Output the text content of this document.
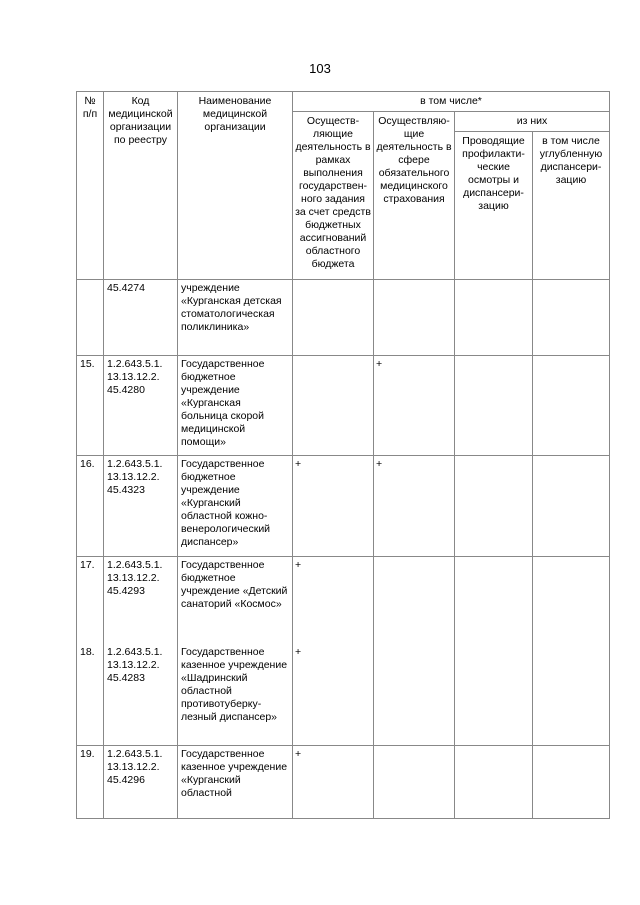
103
№ п/п	Код медицинской организации по реестру	Наименование медицинской организации	в том числе*			
			Осуществ-ляющие деятельность в рамках выполнения государствен-ного задания за счет средств бюджетных ассигнований областного бюджета	Осуществляю-щие деятельность в сфере обязательного медицинского страхования	из них	
					Проводящие профилакти-ческие осмотры и диспансери-зацию	в том числе углубленную диспансери-зацию
	45.4274	учреждение «Курганская детская стоматологическая поликлиника»				
15.	1.2.643.5.1. 13.13.12.2. 45.4280	Государственное бюджетное учреждение «Курганская больница скорой медицинской помощи»		+		
16.	1.2.643.5.1. 13.13.12.2. 45.4323	Государственное бюджетное учреждение «Курганский областной кожно-венерологический диспансер»	+	+		
17.	1.2.643.5.1. 13.13.12.2. 45.4293	Государственное бюджетное учреждение «Детский санаторий «Космос»	+			
18.	1.2.643.5.1. 13.13.12.2. 45.4283	Государственное казенное учреждение «Шадринский областной противотуберку-лезный диспансер»	+			
19.	1.2.643.5.1. 13.13.12.2. 45.4296	Государственное казенное учреждение «Курганский областной	+			
